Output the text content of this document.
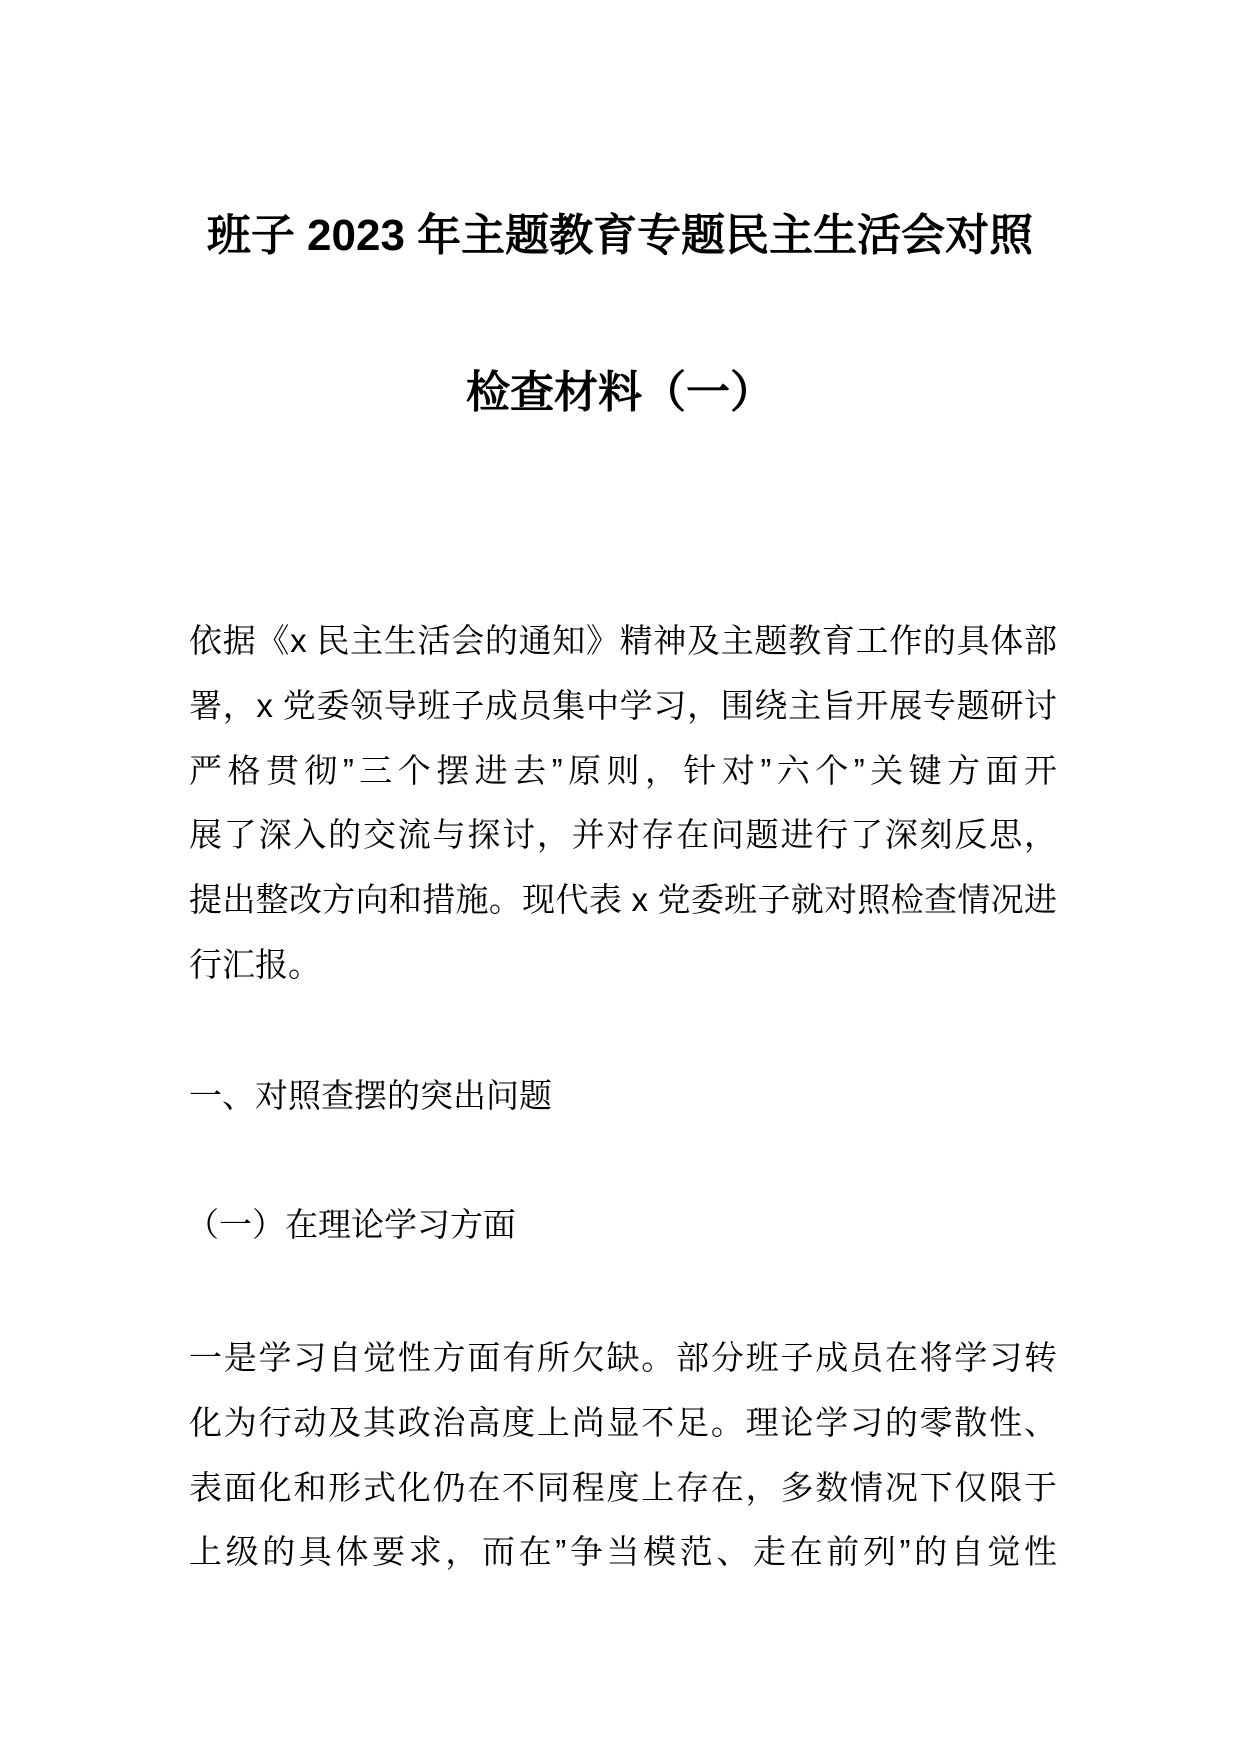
班子 2023 年主题教育专题民主生活会对照
检查材料（一）
依据《x 民主生活会的通知》精神及主题教育工作的具体部
署，x 党委领导班子成员集中学习，围绕主旨开展专题研讨
严格贯彻”三个摆进去”原则，针对”六个”关键方面开
展了深入的交流与探讨，并对存在问题进行了深刻反思，
提出整改方向和措施。现代表 x 党委班子就对照检查情况进
行汇报。
一、对照查摆的突出问题
（一）在理论学习方面
一是学习自觉性方面有所欠缺。部分班子成员在将学习转
化为行动及其政治高度上尚显不足。理论学习的零散性、
表面化和形式化仍在不同程度上存在，多数情况下仅限于
上级的具体要求，而在”争当模范、走在前列”的自觉性
